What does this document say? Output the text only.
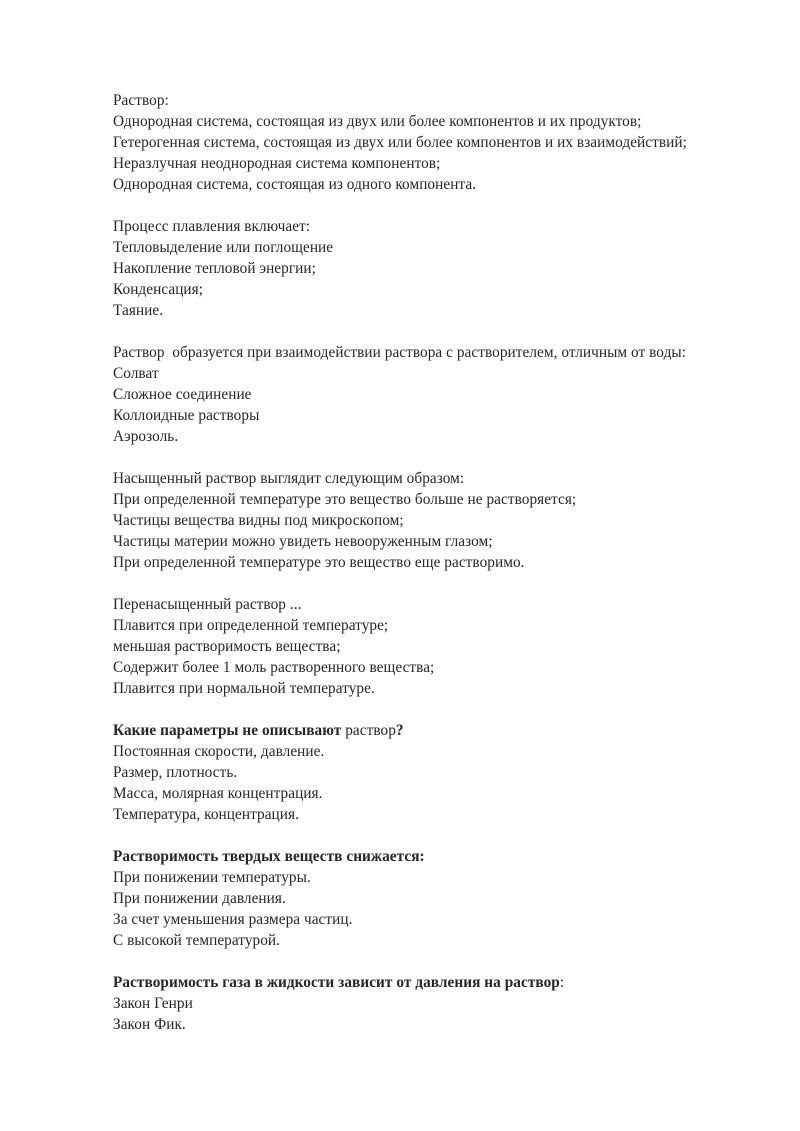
Раствор:
Однородная система, состоящая из двух или более компонентов и их продуктов;
Гетерогенная система, состоящая из двух или более компонентов и их взаимодействий;
Неразлучная неоднородная система компонентов;
Однородная система, состоящая из одного компонента.
Процесс плавления включает:
Тепловыделение или поглощение
Накопление тепловой энергии;
Конденсация;
Таяние.
Раствор  образуется при взаимодействии раствора с растворителем, отличным от воды:
Солват
Сложное соединение
Коллоидные растворы
Аэрозоль.
Насыщенный раствор выглядит следующим образом:
При определенной температуре это вещество больше не растворяется;
Частицы вещества видны под микроскопом;
Частицы материи можно увидеть невооруженным глазом;
При определенной температуре это вещество еще растворимо.
Перенасыщенный раствор ...
Плавится при определенной температуре;
меньшая растворимость вещества;
Содержит более 1 моль растворенного вещества;
Плавится при нормальной температуре.
Какие параметры не описывают раствор?
Постоянная скорости, давление.
Размер, плотность.
Масса, молярная концентрация.
Температура, концентрация.
Растворимость твердых веществ снижается:
При понижении температуры.
При понижении давления.
За счет уменьшения размера частиц.
С высокой температурой.
Растворимость газа в жидкости зависит от давления на раствор:
Закон Генри
Закон Фик.
